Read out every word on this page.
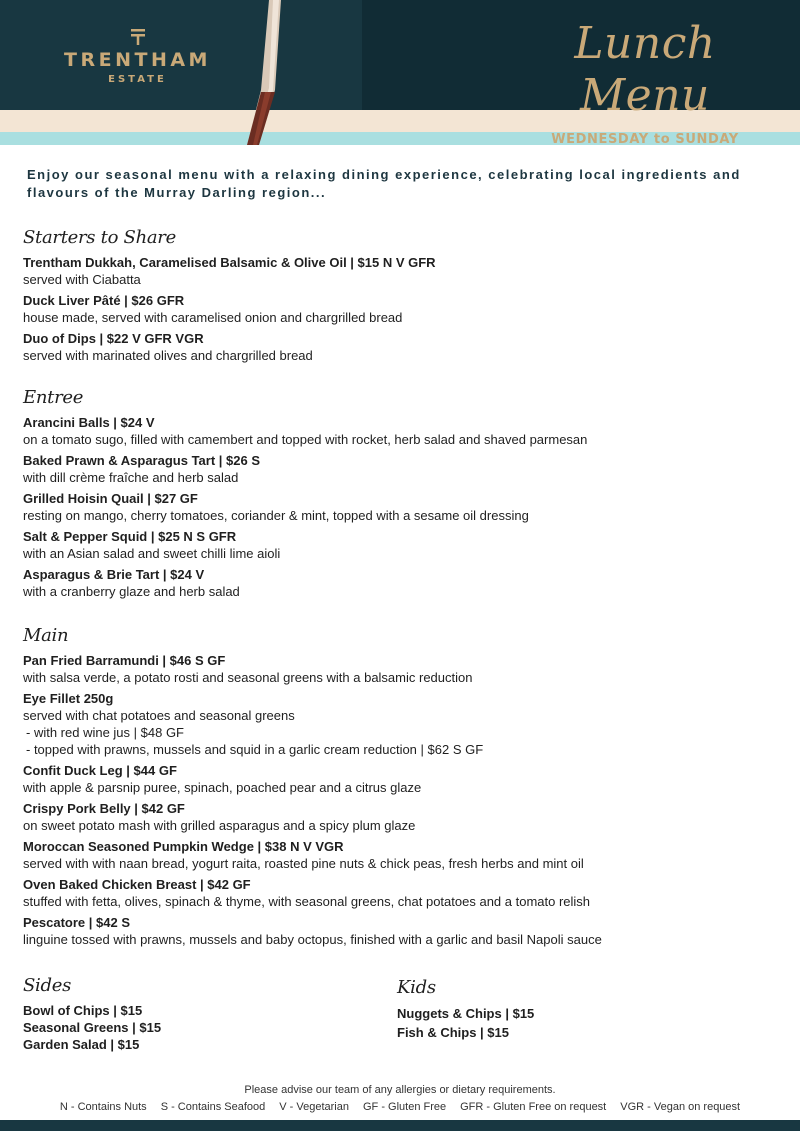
TRENTHAM
ESTATE
Lunch Menu
WEDNESDAY to SUNDAY
Enjoy our seasonal menu with a relaxing dining experience, celebrating local ingredients and flavours of the Murray Darling region...
Starters to Share
Trentham Dukkah, Caramelised Balsamic & Olive Oil | $15 N V GFR
served with Ciabatta
Duck Liver Pâté | $26 GFR
house made, served with caramelised onion and chargrilled bread
Duo of Dips | $22 V GFR VGR
served with marinated olives and chargrilled bread
Entree
Arancini Balls | $24 V
on a tomato sugo, filled with camembert and topped with rocket, herb salad and shaved parmesan
Baked Prawn & Asparagus Tart | $26 S
with dill crème fraîche and herb salad
Grilled Hoisin Quail | $27 GF
resting on mango, cherry tomatoes, coriander & mint, topped with a sesame oil dressing
Salt & Pepper Squid | $25 N S GFR
with an Asian salad and sweet chilli lime aioli
Asparagus & Brie Tart | $24 V
with a cranberry glaze and herb salad
Main
Pan Fried Barramundi | $46 S GF
with salsa verde, a potato rosti and seasonal greens with a balsamic reduction
Eye Fillet 250g
served with chat potatoes and seasonal greens
- with red wine jus | $48 GF
- topped with prawns, mussels and squid in a garlic cream reduction | $62 S GF
Confit Duck Leg | $44 GF
with apple & parsnip puree, spinach, poached pear and a citrus glaze
Crispy Pork Belly | $42 GF
on sweet potato mash with grilled asparagus and a spicy plum glaze
Moroccan Seasoned Pumpkin Wedge | $38 N V VGR
served with with naan bread, yogurt raita, roasted pine nuts & chick peas, fresh herbs and mint oil
Oven Baked Chicken Breast | $42 GF
stuffed with fetta, olives, spinach & thyme, with seasonal greens, chat potatoes and a tomato relish
Pescatore | $42 S
linguine tossed with prawns, mussels and baby octopus, finished with a garlic and basil Napoli sauce
Sides
Bowl of Chips | $15
Seasonal Greens | $15
Garden Salad | $15
Kids
Nuggets & Chips | $15
Fish & Chips | $15
Please advise our team of any allergies or dietary requirements.
N - Contains Nuts S - Contains Seafood V - Vegetarian GF - Gluten Free GFR - Gluten Free on request VGR - Vegan on request
